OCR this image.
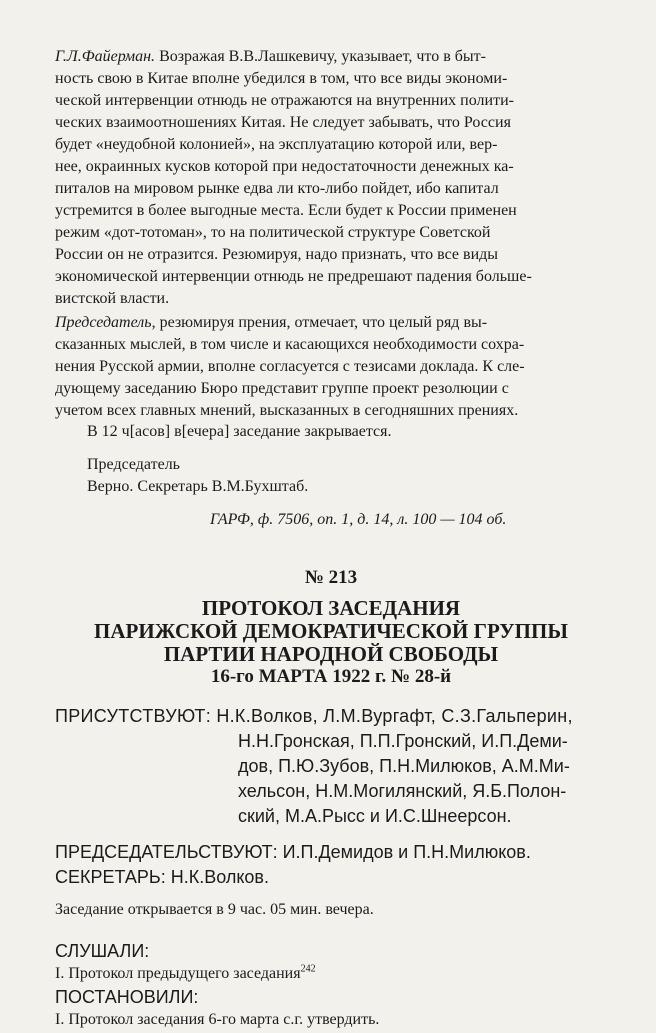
Г.Л.Файерман. Возражая В.В.Лашкевичу, указывает, что в быт-
ность свою в Китае вполне убедился в том, что все виды экономи-
ческой интервенции отнюдь не отражаются на внутренних полити-
ческих взаимоотношениях Китая. Не следует забывать, что Россия
будет «неудобной колонией», на эксплуатацию которой или, вер-
нее, окраинных кусков которой при недостаточности денежных ка-
питалов на мировом рынке едва ли кто-либо пойдет, ибо капитал
устремится в более выгодные места. Если будет к России применен
режим «дот-тотоман», то на политической структуре Советской
России он не отразится. Резюмируя, надо признать, что все виды
экономической интервенции отнюдь не предрешают падения больше-
вистской власти.
Председатель, резюмируя прения, отмечает, что целый ряд вы-
сказанных мыслей, в том числе и касающихся необходимости сохра-
нения Русской армии, вполне согласуется с тезисами доклада. К сле-
дующему заседанию Бюро представит группе проект резолюции с
учетом всех главных мнений, высказанных в сегодняшних прениях.
В 12 ч[асов] в[ечера] заседание закрывается.
Председатель
Верно. Секретарь В.М.Бухштаб.
ГАРФ, ф. 7506, оп. 1, д. 14, л. 100 — 104 об.
№ 213
ПРОТОКОЛ ЗАСЕДАНИЯ
ПАРИЖСКОЙ ДЕМОКРАТИЧЕСКОЙ ГРУППЫ
ПАРТИИ НАРОДНОЙ СВОБОДЫ
16-го МАРТА 1922 г. № 28-й
ПРИСУТСТВУЮТ: Н.К.Волков, Л.М.Вургафт, С.З.Гальперин,
Н.Н.Гронская, П.П.Гронский, И.П.Деми-
дов, П.Ю.Зубов, П.Н.Милюков, А.М.Ми-
хельсон, Н.М.Могилянский, Я.Б.Полон-
ский, М.А.Рысс и И.С.Шнеерсон.
ПРЕДСЕДАТЕЛЬСТВУЮТ: И.П.Демидов и П.Н.Милюков.
СЕКРЕТАРЬ: Н.К.Волков.
Заседание открывается в 9 час. 05 мин. вечера.
СЛУШАЛИ:
I. Протокол предыдущего заседания$^{242}$
ПОСТАНОВИЛИ:
I. Протокол заседания 6-го марта с.г. утвердить.
